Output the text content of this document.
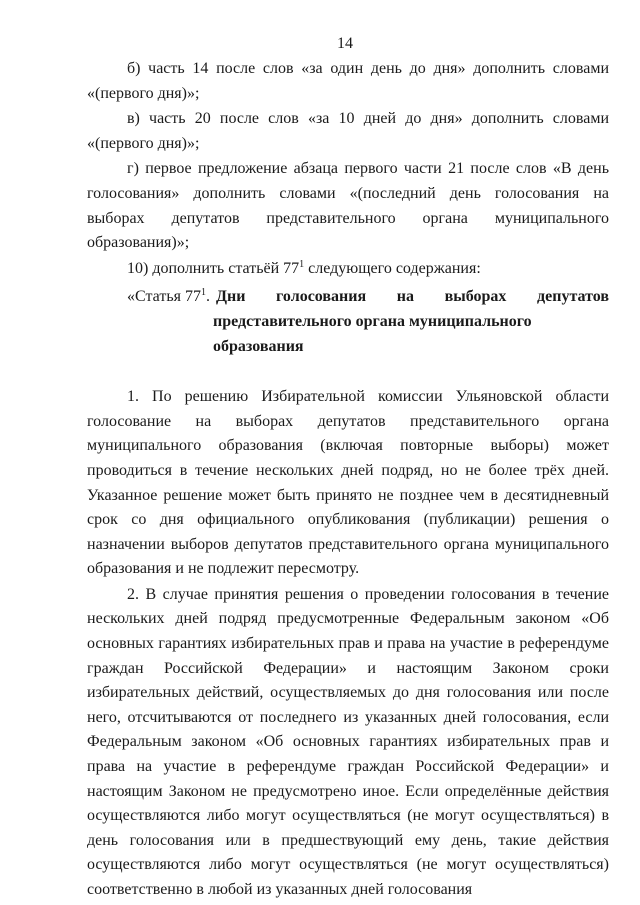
14

б) часть 14 после слов «за один день до дня» дополнить словами «(первого дня)»;

в) часть 20 после слов «за 10 дней до дня» дополнить словами «(первого дня)»;

г) первое предложение абзаца первого части 21 после слов «В день голосования» дополнить словами «(последний день голосования на выборах депутатов представительного органа муниципального образования)»;

10) дополнить статьёй $77^1$ следующего содержания:

«Статья $77^1$. Дни голосования на выборах депутатов
представительного органа муниципального образования

1. По решению Избирательной комиссии Ульяновской области голосование на выборах депутатов представительного органа муниципального образования (включая повторные выборы) может проводиться в течение нескольких дней подряд, но не более трёх дней. Указанное решение может быть принято не позднее чем в десятидневный срок со дня официального опубликования (публикации) решения о назначении выборов депутатов представительного органа муниципального образования и не подлежит пересмотру.

2. В случае принятия решения о проведении голосования в течение нескольких дней подряд предусмотренные Федеральным законом «Об основных гарантиях избирательных прав и права на участие в референдуме граждан Российской Федерации» и настоящим Законом сроки избирательных действий, осуществляемых до дня голосования или после него, отсчитываются от последнего из указанных дней голосования, если Федеральным законом «Об основных гарантиях избирательных прав и права на участие в референдуме граждан Российской Федерации» и настоящим Законом не предусмотрено иное. Если определённые действия осуществляются либо могут осуществляться (не могут осуществляться) в день голосования или в предшествующий ему день, такие действия осуществляются либо могут осуществляться (не могут осуществляться) соответственно в любой из указанных дней голосования
